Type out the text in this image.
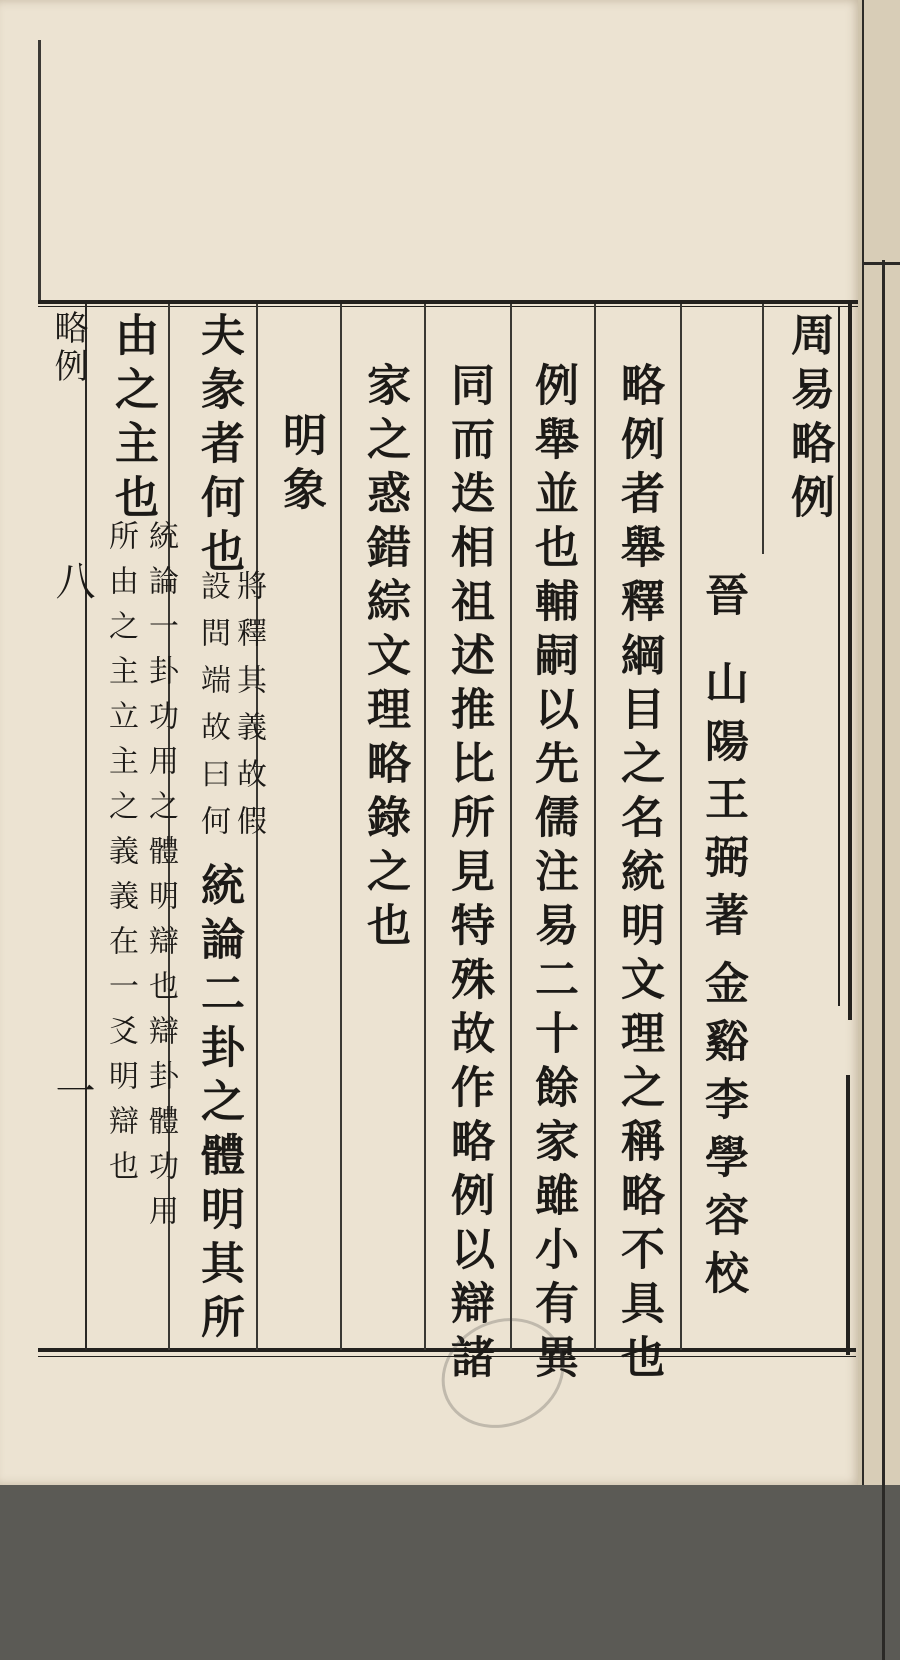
周易略例
晉
山陽王弼著
金谿李學容校
略例者舉釋綱目之名統明文理之稱略不具也
例舉並也輔嗣以先儒注易二十餘家雖小有異
同而迭相祖述推比所見特殊故作略例以辯諸
家之惑錯綜文理略錄之也
明象
夫彖者何也
將釋其義故假
設問端故曰何
統論二卦之體明其所
由之主也
統論一卦功用之體明辯也辯卦體功用
所由之主立主之義義在一爻明辯也
略例
八
一
